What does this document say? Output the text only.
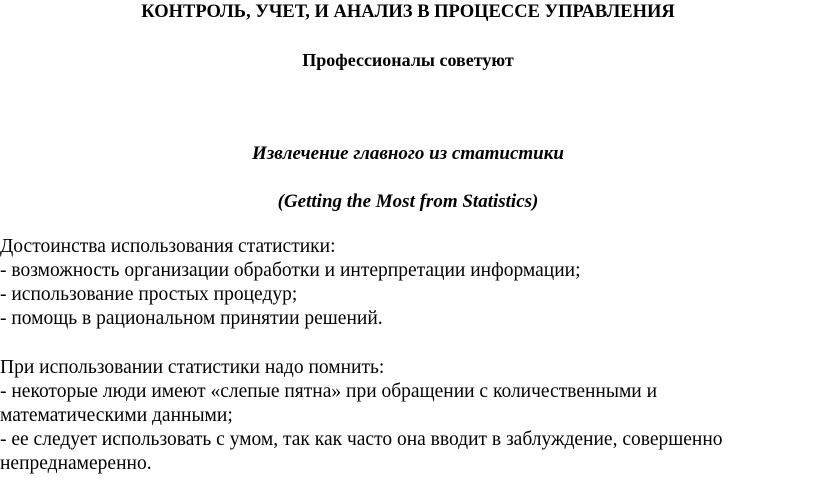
КОНТРОЛЬ, УЧЕТ, И АНАЛИЗ В ПРОЦЕССЕ УПРАВЛЕНИЯ
Профессионалы советуют
Извлечение главного из статистики
(Getting the Most from Statistics)
Достоинства использования статистики:
- возможность организации обработки и интерпретации информации;
- использование простых процедур;
- помощь в рациональном принятии решений.
При использовании статистики надо помнить:
- некоторые люди имеют «слепые пятна» при обращении с количественными и
математическими данными;
- ее следует использовать с умом, так как часто она вводит в заблуждение, совершенно
непреднамеренно.
